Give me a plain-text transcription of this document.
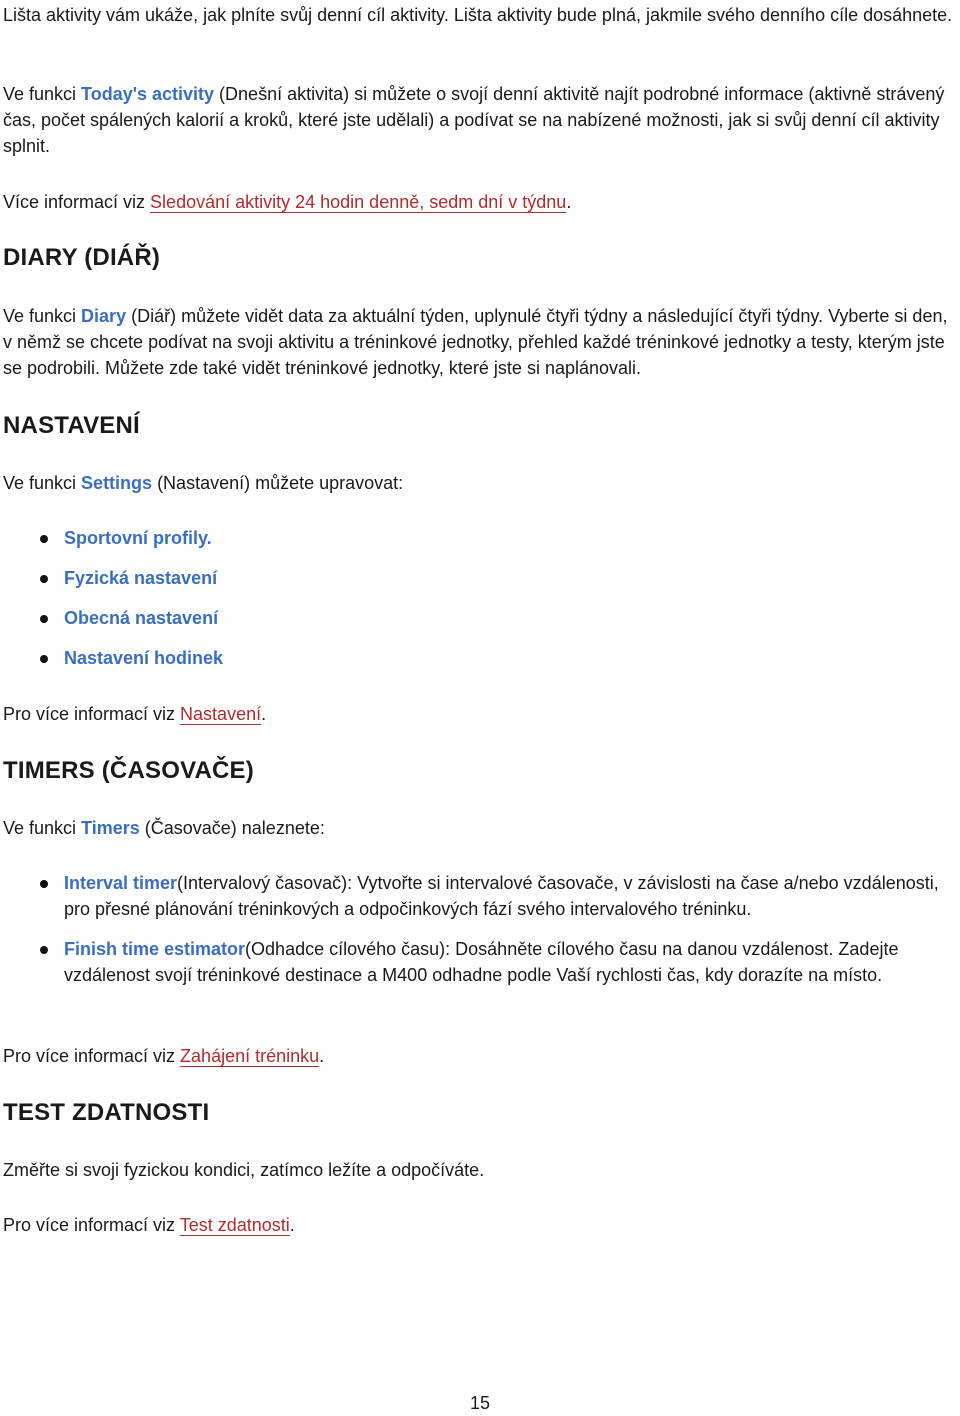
Lišta aktivity vám ukáže, jak plníte svůj denní cíl aktivity. Lišta aktivity bude plná, jakmile svého denního cíle dosáhnete.

Ve funkci Today's activity (Dnešní aktivita) si můžete o svojí denní aktivitě najít podrobné informace (aktivně strávený čas, počet spálených kalorií a kroků, které jste udělali) a podívat se na nabízené možnosti, jak si svůj denní cíl aktivity splnit.

Více informací viz Sledování aktivity 24 hodin denně, sedm dní v týdnu.

DIARY (DIÁŘ)

Ve funkci Diary (Diář) můžete vidět data za aktuální týden, uplynulé čtyři týdny a následující čtyři týdny. Vyberte si den, v němž se chcete podívat na svoji aktivitu a tréninkové jednotky, přehled každé tréninkové jednotky a testy, kterým jste se podrobili. Můžete zde také vidět tréninkové jednotky, které jste si naplánovali.

NASTAVENÍ

Ve funkci Settings (Nastavení) můžete upravovat:

Sportovní profily.
Fyzická nastavení
Obecná nastavení
Nastavení hodinek

Pro více informací viz Nastavení.

TIMERS (ČASOVAČE)

Ve funkci Timers (Časovače) naleznete:

Interval timer(Intervalový časovač): Vytvořte si intervalové časovače, v závislosti na čase a/nebo vzdálenosti, pro přesné plánování tréninkových a odpočinkových fází svého intervalového tréninku.
Finish time estimator(Odhadce cílového času): Dosáhněte cílového času na danou vzdálenost. Zadejte vzdálenost svojí tréninkové destinace a M400 odhadne podle Vaší rychlosti čas, kdy dorazíte na místo.

Pro více informací viz Zahájení tréninku.

TEST ZDATNOSTI

Změřte si svoji fyzickou kondici, zatímco ležíte a odpočíváte.

Pro více informací viz Test zdatnosti.

15
